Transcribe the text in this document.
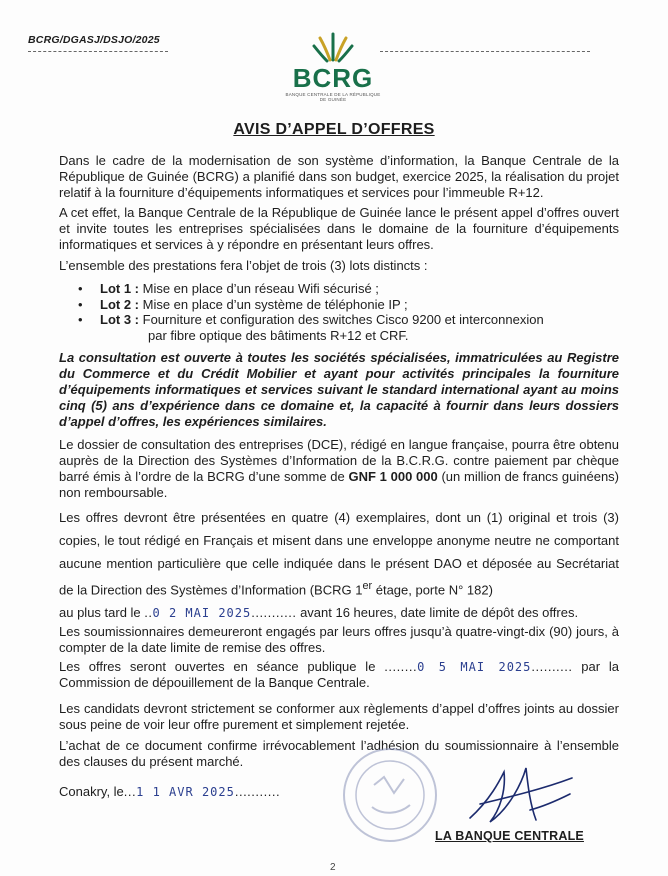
BCRG/DGASJ/DSJO/2025
BCRG
BANQUE CENTRALE DE LA RÉPUBLIQUE DE GUINÉE
AVIS D’APPEL D’OFFRES
Dans le cadre de la modernisation de son système d’information, la Banque Centrale de la République de Guinée (BCRG) a planifié dans son budget, exercice 2025, la réalisation du projet relatif à la fourniture d’équipements informatiques et services pour l’immeuble R+12.
A cet effet, la Banque Centrale de la République de Guinée lance le présent appel d’offres ouvert et invite toutes les entreprises spécialisées dans le domaine de la fourniture d’équipements informatiques et services à y répondre en présentant leurs offres.
L’ensemble des prestations fera l’objet de trois (3) lots distincts :
• Lot 1 : Mise en place d’un réseau Wifi sécurisé ;
• Lot 2 : Mise en place d’un système de téléphonie IP ;
• Lot 3 : Fourniture et configuration des switches Cisco 9200 et interconnexion
par fibre optique des bâtiments R+12 et CRF.
La consultation est ouverte à toutes les sociétés spécialisées, immatriculées au Registre du Commerce et du Crédit Mobilier et ayant pour activités principales la fourniture d’équipements informatiques et services suivant le standard international ayant au moins cinq (5) ans d’expérience dans ce domaine et, la capacité à fournir dans leurs dossiers d’appel d’offres, les expériences similaires.
Le dossier de consultation des entreprises (DCE), rédigé en langue française, pourra être obtenu auprès de la Direction des Systèmes d’Information de la B.C.R.G. contre paiement par chèque barré émis à l’ordre de la BCRG d’une somme de GNF 1 000 000 (un million de francs guinéens) non remboursable.
Les offres devront être présentées en quatre (4) exemplaires, dont un (1) original et trois (3) copies, le tout rédigé en Français et misent dans une enveloppe anonyme neutre ne comportant aucune mention particulière que celle indiquée dans le présent DAO et déposée au Secrétariat de la Direction des Systèmes d’Information (BCRG 1er étage, porte N° 182)
au plus tard le ..0 2 MAI 2025........... avant 16 heures, date limite de dépôt des offres.
Les soumissionnaires demeureront engagés par leurs offres jusqu’à quatre-vingt-dix (90) jours, à compter de la date limite de remise des offres.
Les offres seront ouvertes en séance publique le ........0 5 MAI 2025.......... par la Commission de dépouillement de la Banque Centrale.
Les candidats devront strictement se conformer aux règlements d’appel d’offres joints au dossier sous peine de voir leur offre purement et simplement rejetée.
L’achat de ce document confirme irrévocablement l’adhésion du soumissionnaire à l’ensemble des clauses du présent marché.
Conakry, le...1 1 AVR 2025...........
LA BANQUE CENTRALE
2
